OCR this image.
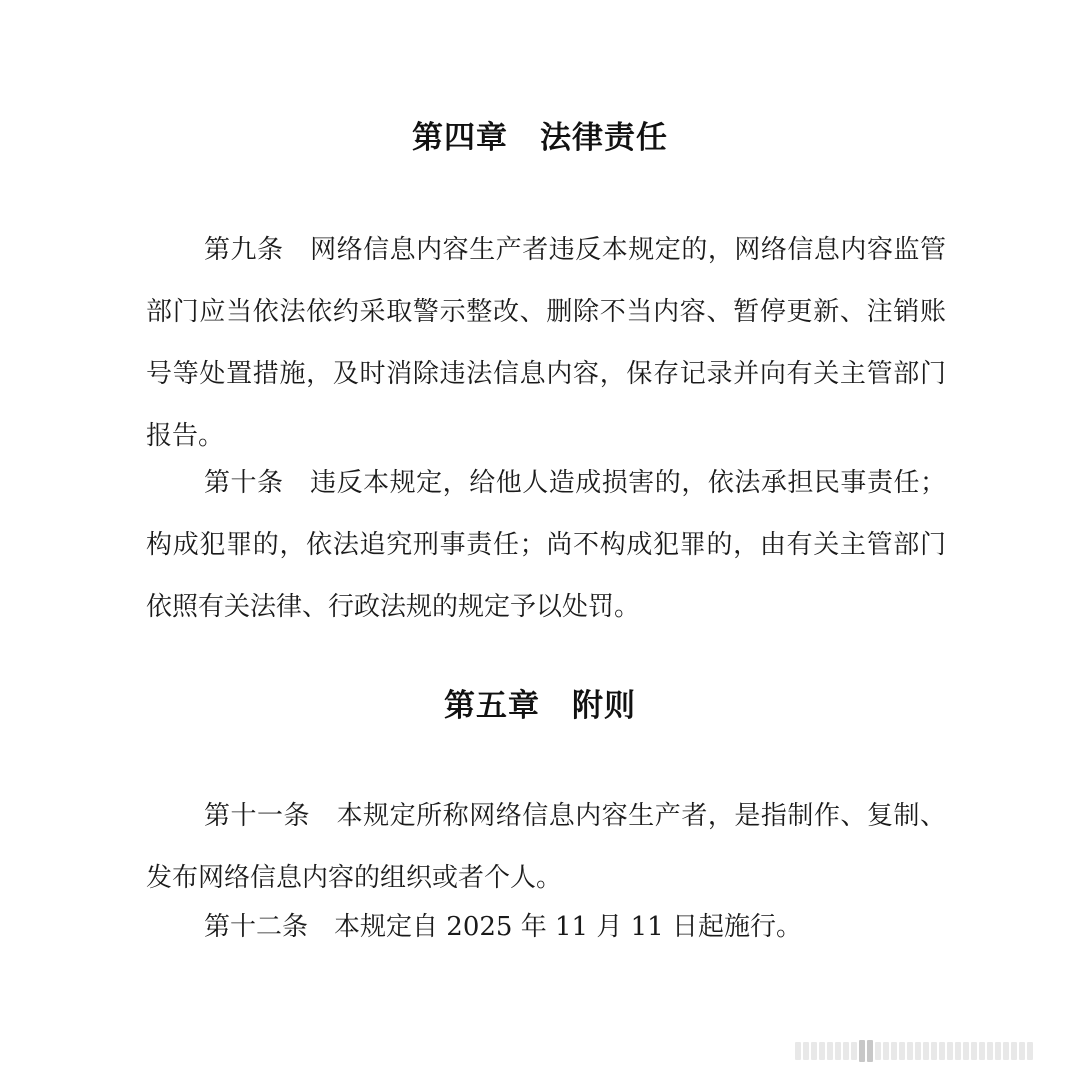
第四章　法律责任

第九条　 网络信息内容生产者违反本规定的，网络信息内容监管部门应当依法依约采取警示整改、删除不当内容、暂停更新、注销账号等处置措施，及时消除违法信息内容，保存记录并向有关主管部门报告。

第十条　 违反本规定，给他人造成损害的，依法承担民事责任；构成犯罪的，依法追究刑事责任；尚不构成犯罪的，由有关主管部门依照有关法律、行政法规的规定予以处罚。

第五章　附则

第十一条　 本规定所称网络信息内容生产者，是指制作、复制、发布网络信息内容的组织或者个人。

第十二条　 本规定自 2025 年 11 月 11 日起施行。
